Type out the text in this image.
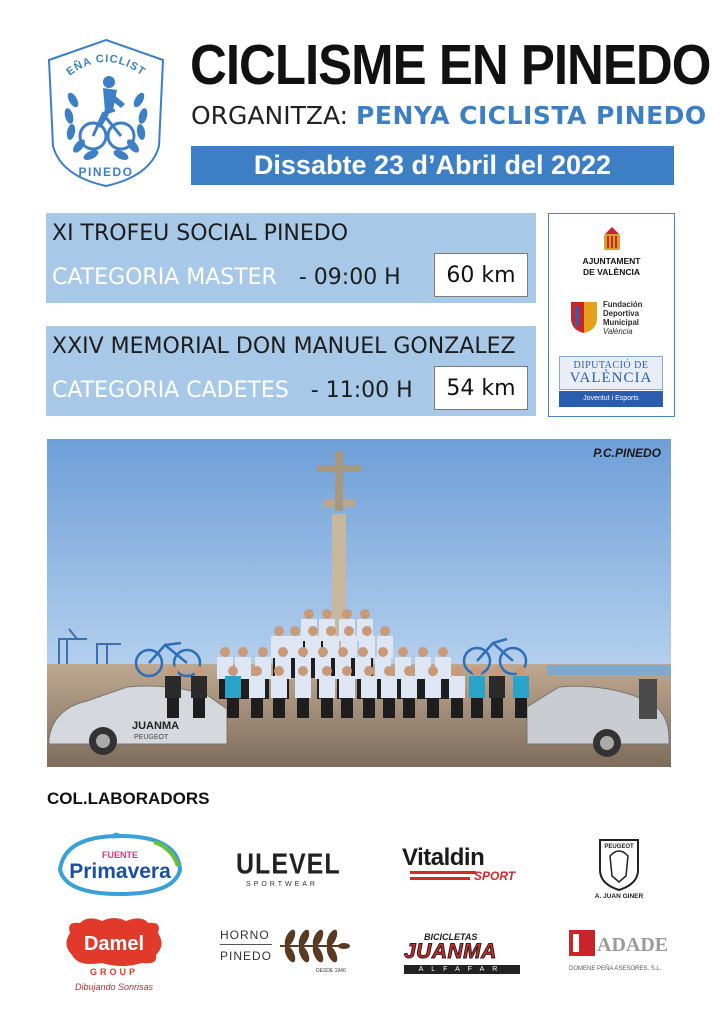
EÑA CICLIST
PINEDO
CICLISME EN PINEDO
ORGANITZA: PENYA CICLISTA PINEDO
Dissabte 23 d’Abril del 2022
XI TROFEU SOCIAL PINEDO
CATEGORIA MASTER - 09:00 H	60 km
XXIV MEMORIAL DON MANUEL GONZALEZ
CATEGORIA CADETES - 11:00 H	54 km
AJUNTAMENT
DE VALÈNCIA
Fundación
Deportiva
Municipal
València
DIPUTACIÓ DE
VALÈNCIA
Joventut i Esports
JUANMA
PEUGEOT
P.C.PINEDO
COL.LABORADORS
FUENTE
Primavera	ULEVEL
SPORTWEAR
Vitaldin
SPORT
PEUGEOT
A. JUAN GINER
Damel
GROUP
Dibujando Sonrisas
HORNO
PINEDO
DESDE 1940
BICICLETAS
JUANMA
ALFAFAR
ADADE
DOMENE PEÑA ASESORES, S.L.
